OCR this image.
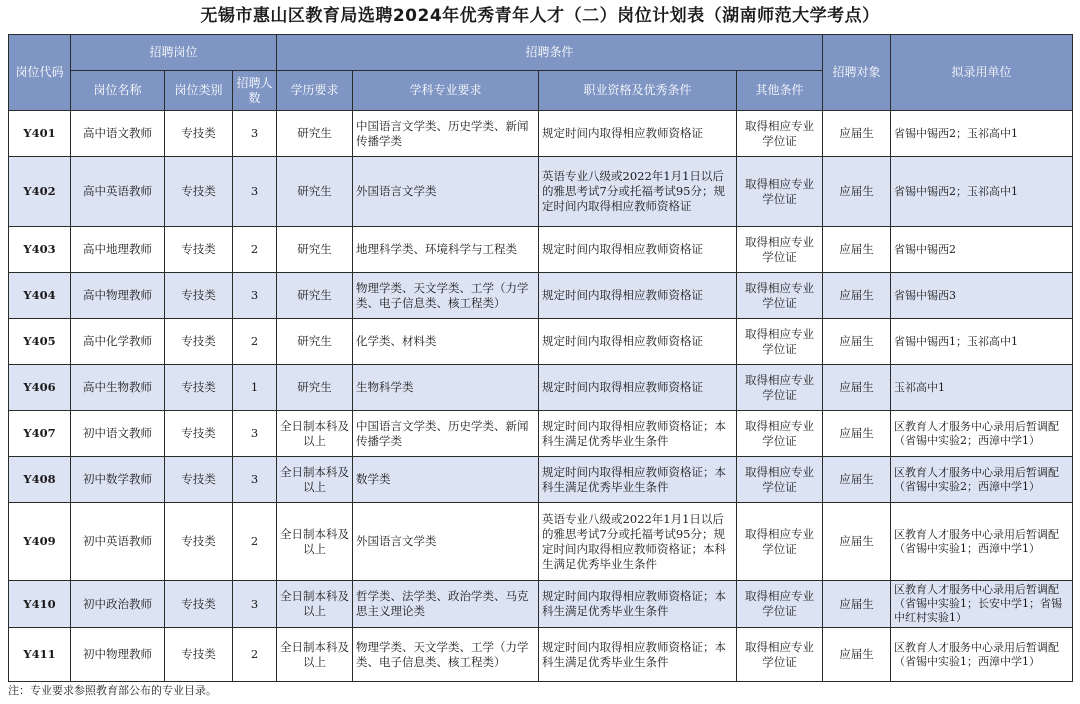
无锡市惠山区教育局选聘2024年优秀青年人才（二）岗位计划表（湖南师范大学考点）
岗位代码	招聘岗位			招聘条件				招聘对象	拟录用单位
	岗位名称	岗位类别	招聘人数	学历要求	学科专业要求	职业资格及优秀条件	其他条件		
Y401	高中语文教师	专技类	3	研究生	中国语言文学类、历史学类、新闻传播学类	规定时间内取得相应教师资格证	取得相应专业学位证	应届生	省锡中锡西2；玉祁高中1
Y402	高中英语教师	专技类	3	研究生	外国语言文学类	英语专业八级或2022年1月1日以后的雅思考试7分或托福考试95分；规定时间内取得相应教师资格证	取得相应专业学位证	应届生	省锡中锡西2；玉祁高中1
Y403	高中地理教师	专技类	2	研究生	地理科学类、环境科学与工程类	规定时间内取得相应教师资格证	取得相应专业学位证	应届生	省锡中锡西2
Y404	高中物理教师	专技类	3	研究生	物理学类、天文学类、工学（力学类、电子信息类、核工程类）	规定时间内取得相应教师资格证	取得相应专业学位证	应届生	省锡中锡西3
Y405	高中化学教师	专技类	2	研究生	化学类、材料类	规定时间内取得相应教师资格证	取得相应专业学位证	应届生	省锡中锡西1；玉祁高中1
Y406	高中生物教师	专技类	1	研究生	生物科学类	规定时间内取得相应教师资格证	取得相应专业学位证	应届生	玉祁高中1
Y407	初中语文教师	专技类	3	全日制本科及以上	中国语言文学类、历史学类、新闻传播学类	规定时间内取得相应教师资格证；本科生满足优秀毕业生条件	取得相应专业学位证	应届生	区教育人才服务中心录用后暂调配（省锡中实验2；西漳中学1）
Y408	初中数学教师	专技类	3	全日制本科及以上	数学类	规定时间内取得相应教师资格证；本科生满足优秀毕业生条件	取得相应专业学位证	应届生	区教育人才服务中心录用后暂调配（省锡中实验2；西漳中学1）
Y409	初中英语教师	专技类	2	全日制本科及以上	外国语言文学类	英语专业八级或2022年1月1日以后的雅思考试7分或托福考试95分；规定时间内取得相应教师资格证；本科生满足优秀毕业生条件	取得相应专业学位证	应届生	区教育人才服务中心录用后暂调配（省锡中实验1；西漳中学1）
Y410	初中政治教师	专技类	3	全日制本科及以上	哲学类、法学类、政治学类、马克思主义理论类	规定时间内取得相应教师资格证；本科生满足优秀毕业生条件	取得相应专业学位证	应届生	区教育人才服务中心录用后暂调配（省锡中实验1；长安中学1；省锡中红村实验1）
Y411	初中物理教师	专技类	2	全日制本科及以上	物理学类、天文学类、工学（力学类、电子信息类、核工程类）	规定时间内取得相应教师资格证；本科生满足优秀毕业生条件	取得相应专业学位证	应届生	区教育人才服务中心录用后暂调配（省锡中实验1；西漳中学1）
注：专业要求参照教育部公布的专业目录。
